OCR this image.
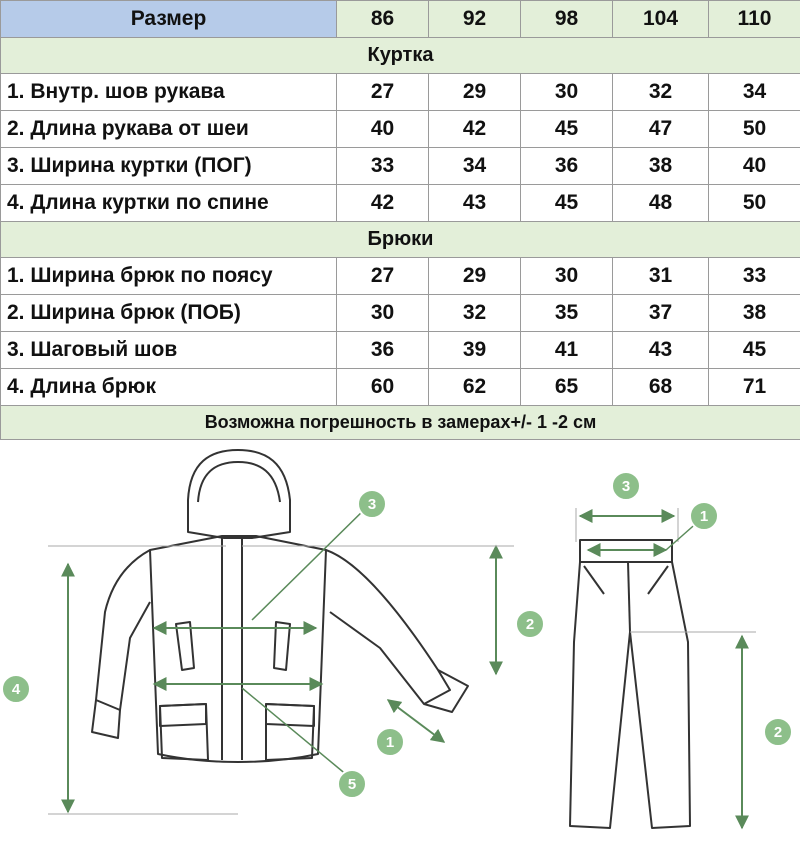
Размер	86	92	98	104	110
Куртка					
1. Внутр. шов рукава	27	29	30	32	34
2. Длина рукава от шеи	40	42	45	47	50
3. Ширина куртки (ПОГ)	33	34	36	38	40
4. Длина куртки по спине	42	43	45	48	50
Брюки					
1. Ширина брюк по поясу	27	29	30	31	33
2. Ширина брюк (ПОБ)	30	32	35	37	38
3. Шаговый шов	36	39	41	43	45
4. Длина брюк	60	62	65	68	71
Возможна погрешность в замерах+/- 1 -2 см					
4
3
2
1
5
3
1
2
